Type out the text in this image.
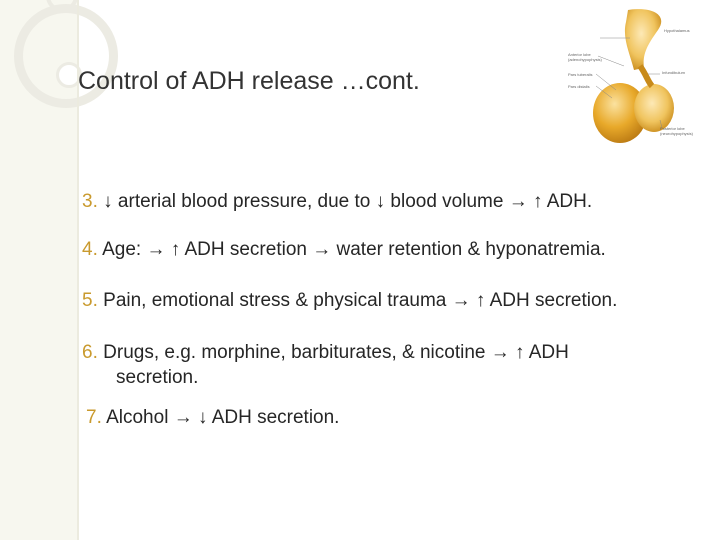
Control of ADH release …cont.
Hypothalamus
Anterior lobe (adenohypophysis)
Pars tuberalis
Pars distalis
Infundibulum
Posterior lobe (neurohypophysis)
3. ↓ arterial blood pressure, due to ↓ blood volume → ↑ ADH.
4. Age: → ↑ ADH secretion → water retention & hyponatremia.
5. Pain, emotional stress & physical trauma → ↑ ADH secretion.
6. Drugs, e.g. morphine, barbiturates, & nicotine → ↑ ADH
secretion.
7. Alcohol → ↓ ADH secretion.
